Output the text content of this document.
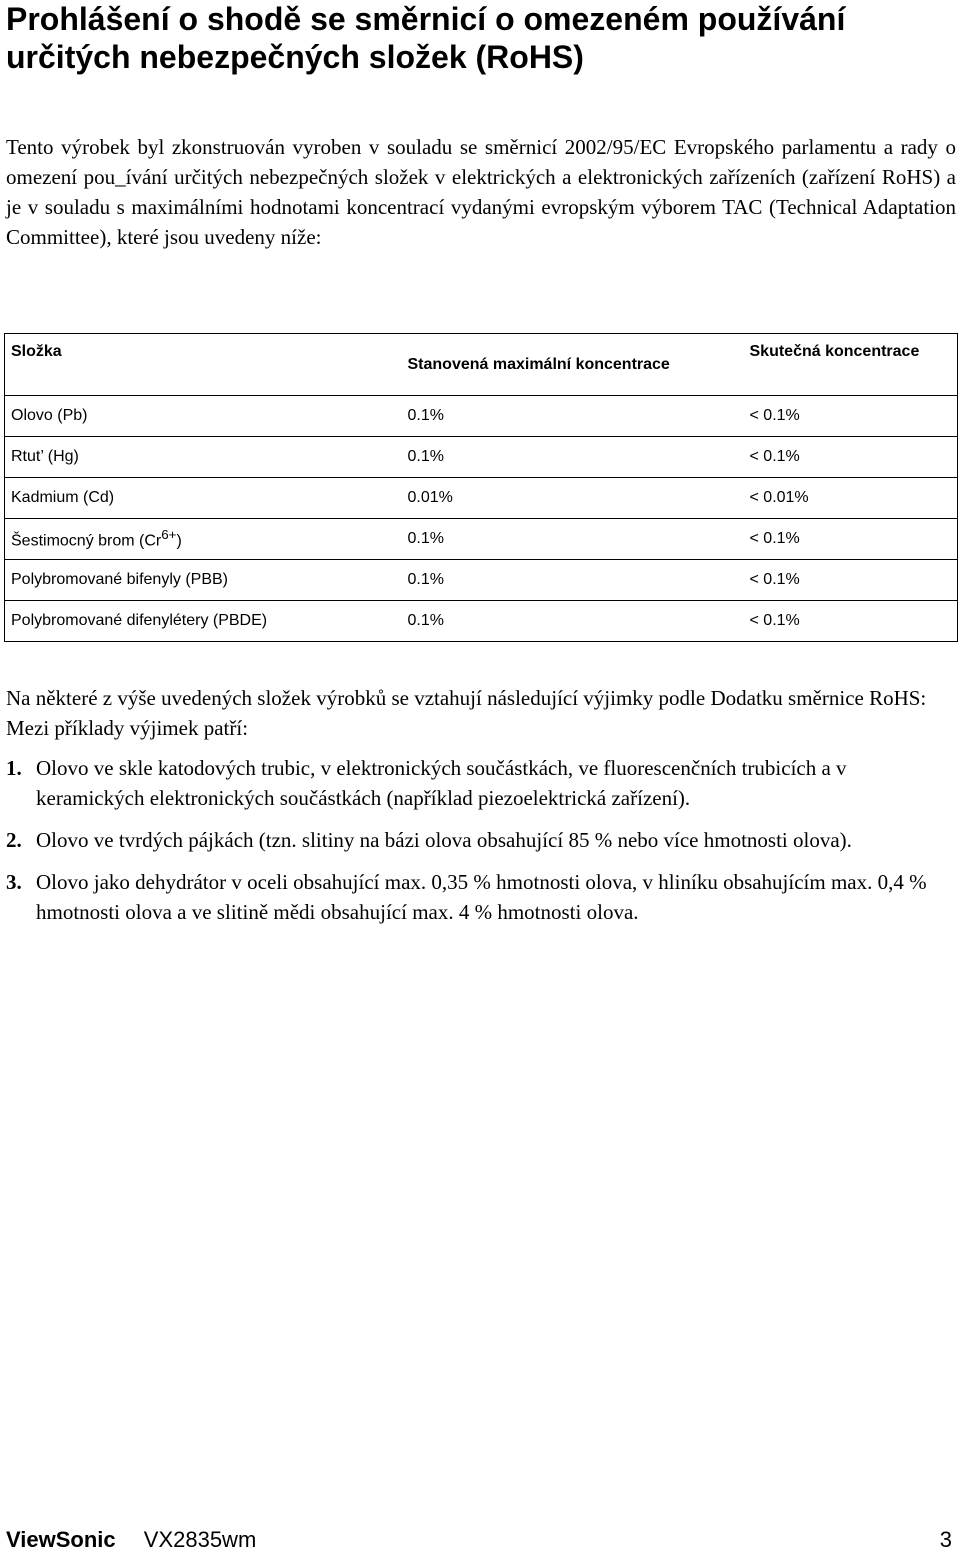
Prohlášení o shodě se směrnicí o omezeném používání určitých nebezpečných složek (RoHS)

Tento výrobek byl zkonstruován vyroben v souladu se směrnicí 2002/95/EC Evropského parlamentu a rady o omezení pou_ívání určitých nebezpečných složek v elektrických a elektronických zařízeních (zařízení RoHS) a je v souladu s maximálními hodnotami koncentrací vydanými evropským výborem TAC (Technical Adaptation Committee), které jsou uvedeny níže:

Složka	Stanovená maximální koncentrace	Skutečná koncentrace
Olovo (Pb)	0.1%	< 0.1%
Rtut’ (Hg)	0.1%	< 0.1%
Kadmium (Cd)	0.01%	< 0.01%
Šestimocný brom $(Cr^{6+})$	0.1%	< 0.1%
Polybromované bifenyly (PBB)	0.1%	< 0.1%
Polybromované difenylétery (PBDE)	0.1%	< 0.1%

Na některé z výše uvedených složek výrobků se vztahují následující výjimky podle Dodatku směrnice RoHS:

Mezi příklady výjimek patří:

1. Olovo ve skle katodových trubic, v elektronických součástkách, ve fluorescenčních trubicích a v keramických elektronických součástkách (například piezoelektrická zařízení).
2. Olovo ve tvrdých pájkách (tzn. slitiny na bázi olova obsahující 85 % nebo více hmotnosti olova).
3. Olovo jako dehydrátor v oceli obsahující max. 0,35 % hmotnosti olova, v hliníku obsahujícím max. 0,4 % hmotnosti olova a ve slitině mědi obsahující max. 4 % hmotnosti olova.
ViewSonic VX2835wm	3
